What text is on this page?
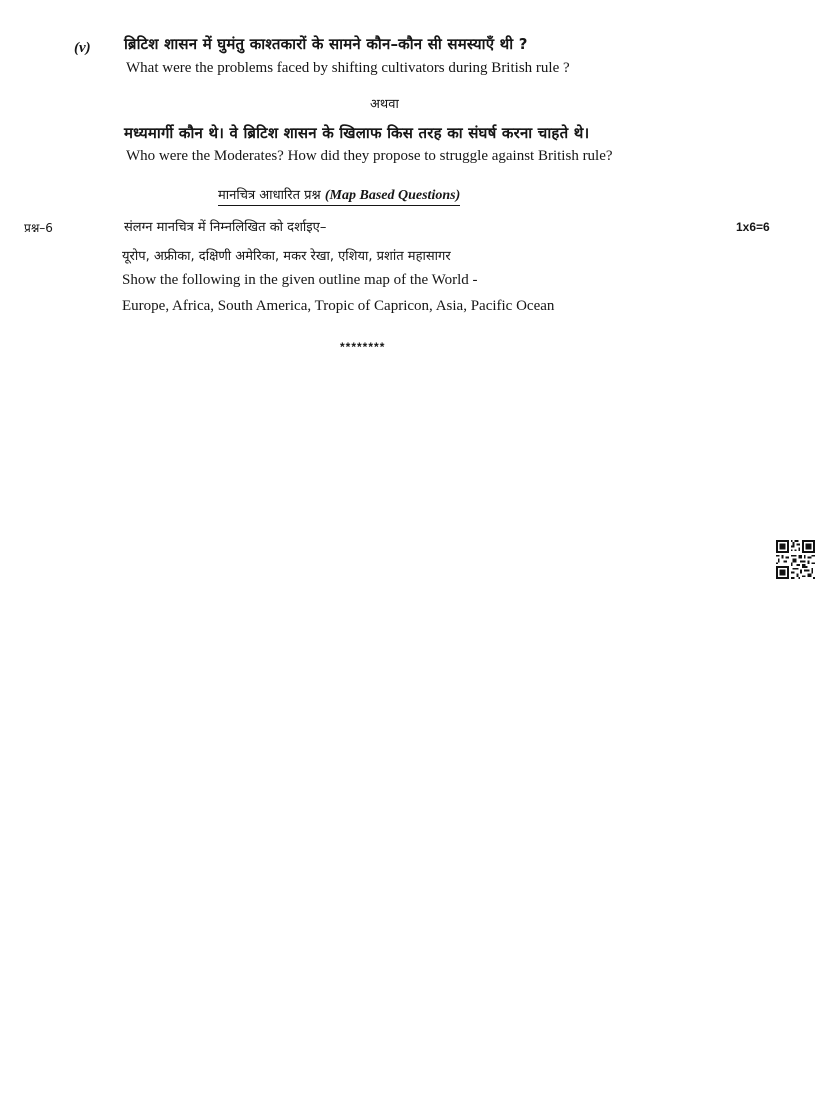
(v) ब्रिटिश शासन में घुमंतु काश्तकारों के सामने कौन–कौन सी समस्याएँ थी ?
What were the problems faced by shifting cultivators during British rule ?
अथवा
मध्यमार्गी कौन थे। वे ब्रिटिश शासन के खिलाफ किस तरह का संघर्ष करना चाहते थे।
Who were the Moderates? How did they propose to struggle against British rule?
मानचित्र आधारित प्रश्न (Map Based Questions)
प्रश्न–6	1x6=6
संलग्न मानचित्र में निम्नलिखित को दर्शाइए–
यूरोप, अफ्रीका, दक्षिणी अमेरिका, मकर रेखा, एशिया, प्रशांत महासागर
Show the following in the given outline map of the World -
Europe, Africa, South America, Tropic of Capricon, Asia, Pacific Ocean
********
